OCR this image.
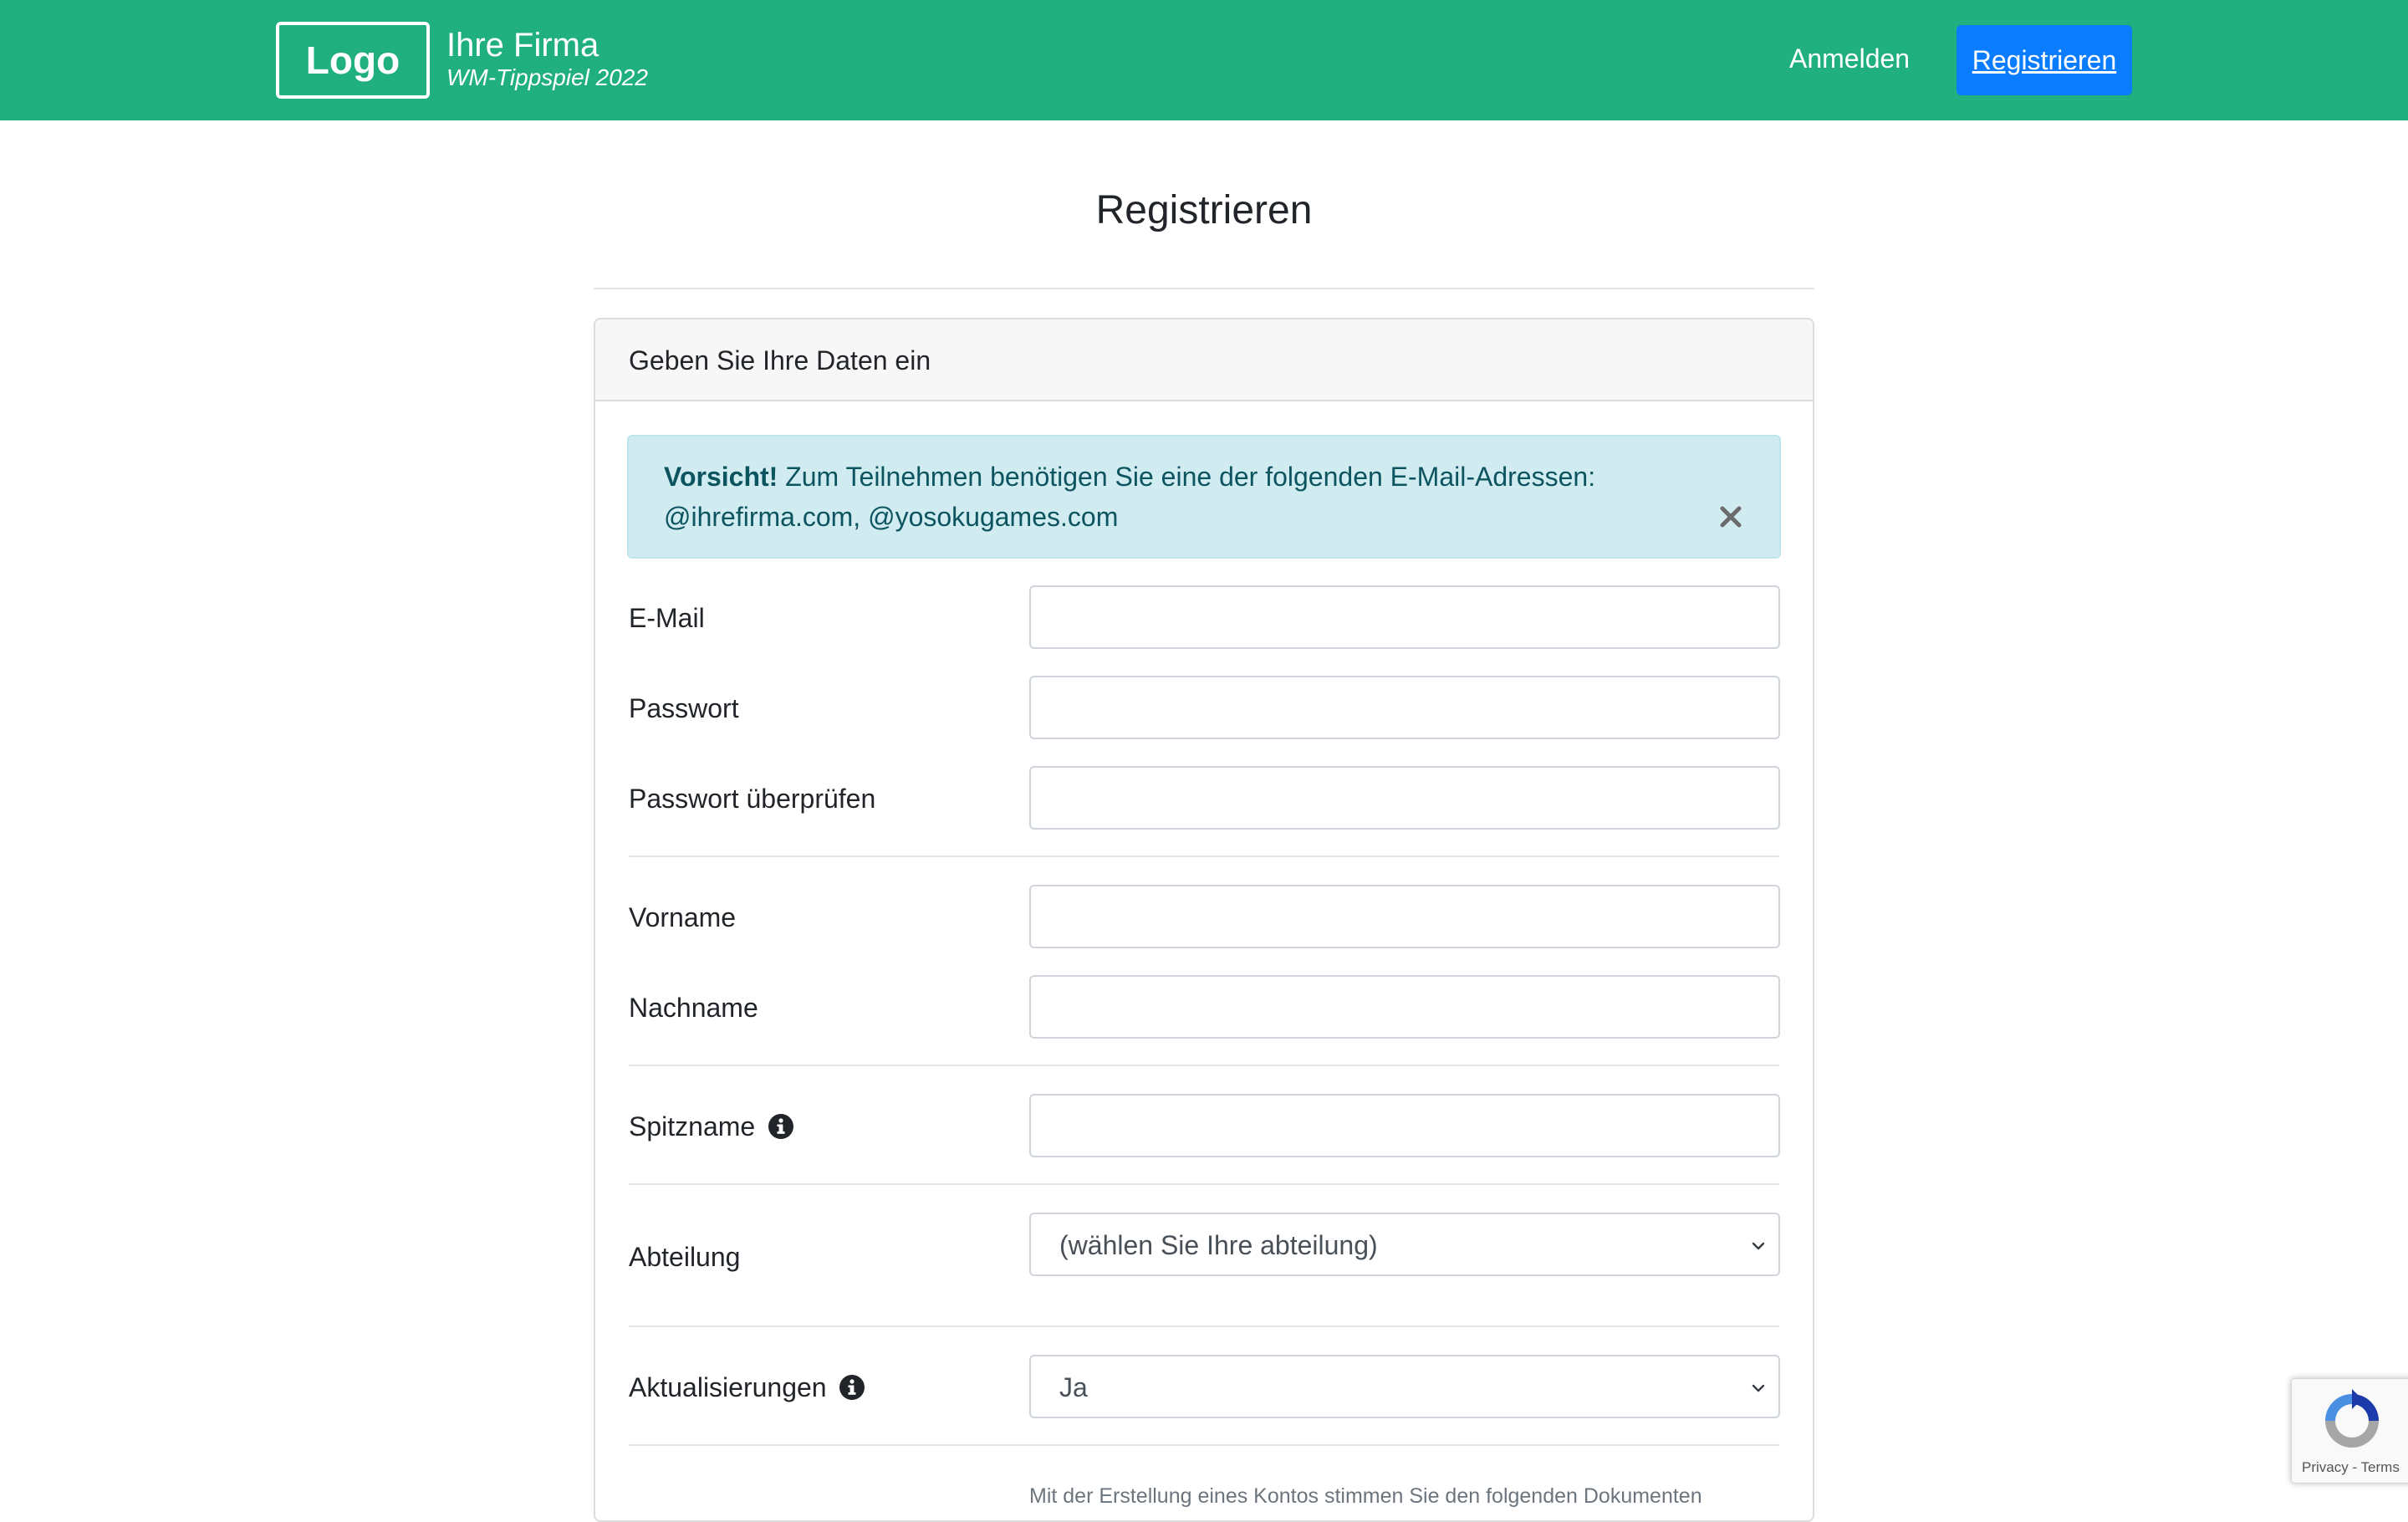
Logo Ihre Firma
WM-Tippspiel 2022
Anmelden Registrieren
Registrieren
Geben Sie Ihre Daten ein
Vorsicht! Zum Teilnehmen benötigen Sie eine der folgenden E-Mail-Adressen: @ihrefirma.com, @yosokugames.com
E-Mail
Passwort
Passwort überprüfen
Vorname
Nachname
Spitzname
Abteilung	(wählen Sie Ihre abteilung)
Aktualisierungen	Ja
Mit der Erstellung eines Kontos stimmen Sie den folgenden Dokumenten
Privacy - Terms
